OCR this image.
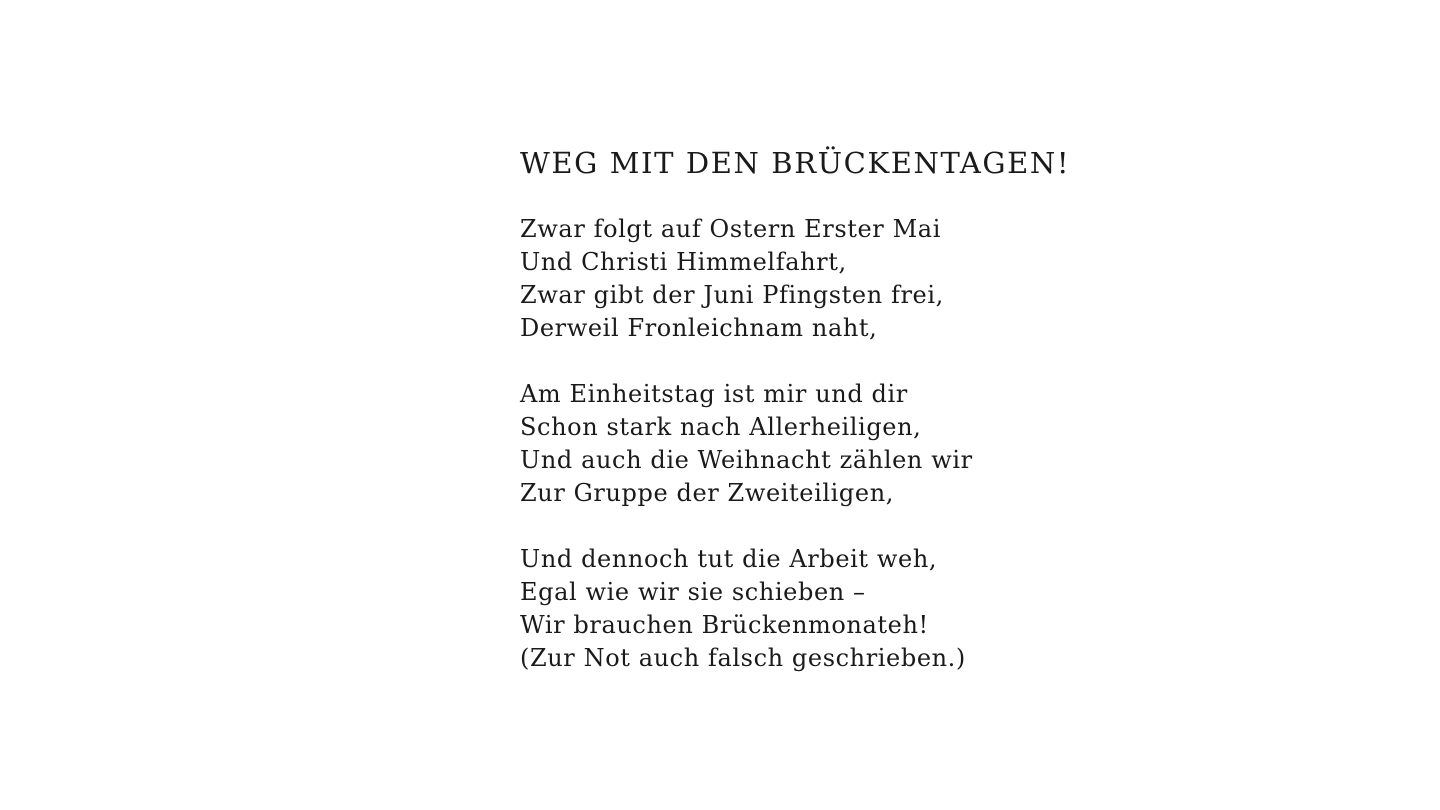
WEG MIT DEN BRÜCKENTAGEN!
Zwar folgt auf Ostern Erster Mai
Und Christi Himmelfahrt,
Zwar gibt der Juni Pfingsten frei,
Derweil Fronleichnam naht,
Am Einheitstag ist mir und dir
Schon stark nach Allerheiligen,
Und auch die Weihnacht zählen wir
Zur Gruppe der Zweiteiligen,
Und dennoch tut die Arbeit weh,
Egal wie wir sie schieben –
Wir brauchen Brückenmonateh!
(Zur Not auch falsch geschrieben.)
